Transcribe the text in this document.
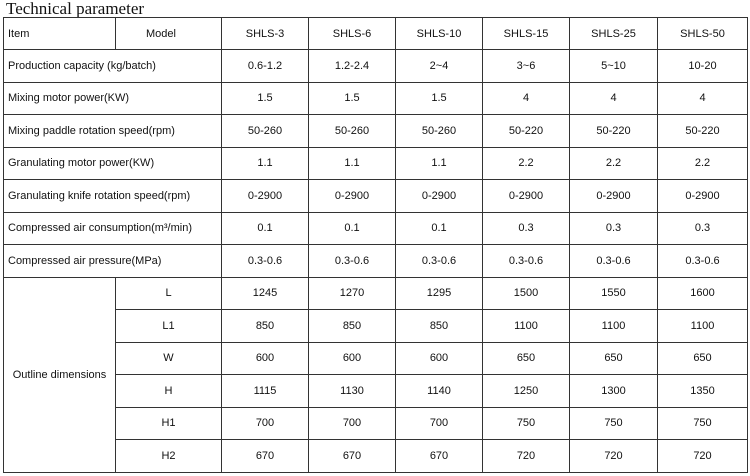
Technical parameter
Item	Model	SHLS-3	SHLS-6	SHLS-10	SHLS-15	SHLS-25	SHLS-50
Production capacity (kg/batch)		0.6-1.2	1.2-2.4	2~4	3~6	5~10	10-20
Mixing motor power(KW)		1.5	1.5	1.5	4	4	4
Mixing paddle rotation speed(rpm)		50-260	50-260	50-260	50-220	50-220	50-220
Granulating motor power(KW)		1.1	1.1	1.1	2.2	2.2	2.2
Granulating knife rotation speed(rpm)		0-2900	0-2900	0-2900	0-2900	0-2900	0-2900
Compressed air consumption(m³/min)		0.1	0.1	0.1	0.3	0.3	0.3
Compressed air pressure(MPa)		0.3-0.6	0.3-0.6	0.3-0.6	0.3-0.6	0.3-0.6	0.3-0.6
Outline dimensions	L	1245	1270	1295	1500	1550	1600
	L1	850	850	850	1100	1100	1100
	W	600	600	600	650	650	650
	H	1115	1130	1140	1250	1300	1350
	H1	700	700	700	750	750	750
	H2	670	670	670	720	720	720
